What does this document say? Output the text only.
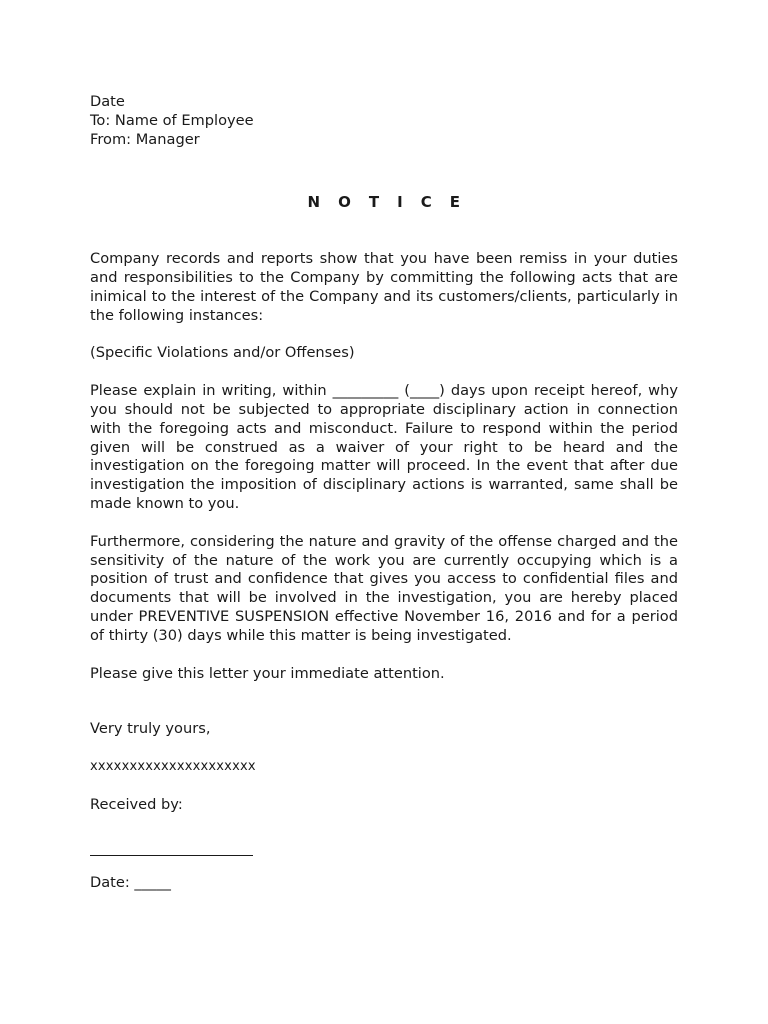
Date
To: Name of Employee
From: Manager
N O T I C E

Company records and reports show that you have been remiss in your duties and responsibilities to the Company by committing the following acts that are inimical to the interest of the Company and its customers/clients, particularly in the following instances:

(Specific Violations and/or Offenses)

Please explain in writing, within _________ (____) days upon receipt hereof, why you should not be subjected to appropriate disciplinary action in connection with the foregoing acts and misconduct. Failure to respond within the period given will be construed as a waiver of your right to be heard and the investigation on the foregoing matter will proceed. In the event that after due investigation the imposition of disciplinary actions is warranted, same shall be made known to you.

Furthermore, considering the nature and gravity of the offense charged and the sensitivity of the nature of the work you are currently occupying which is a position of trust and confidence that gives you access to confidential files and documents that will be involved in the investigation, you are hereby placed under PREVENTIVE SUSPENSION effective November 16, 2016 and for a period of thirty (30) days while this matter is being investigated.

Please give this letter your immediate attention.

Very truly yours,
xxxxxxxxxxxxxxxxxxxxx
Received by:
Date: _____
